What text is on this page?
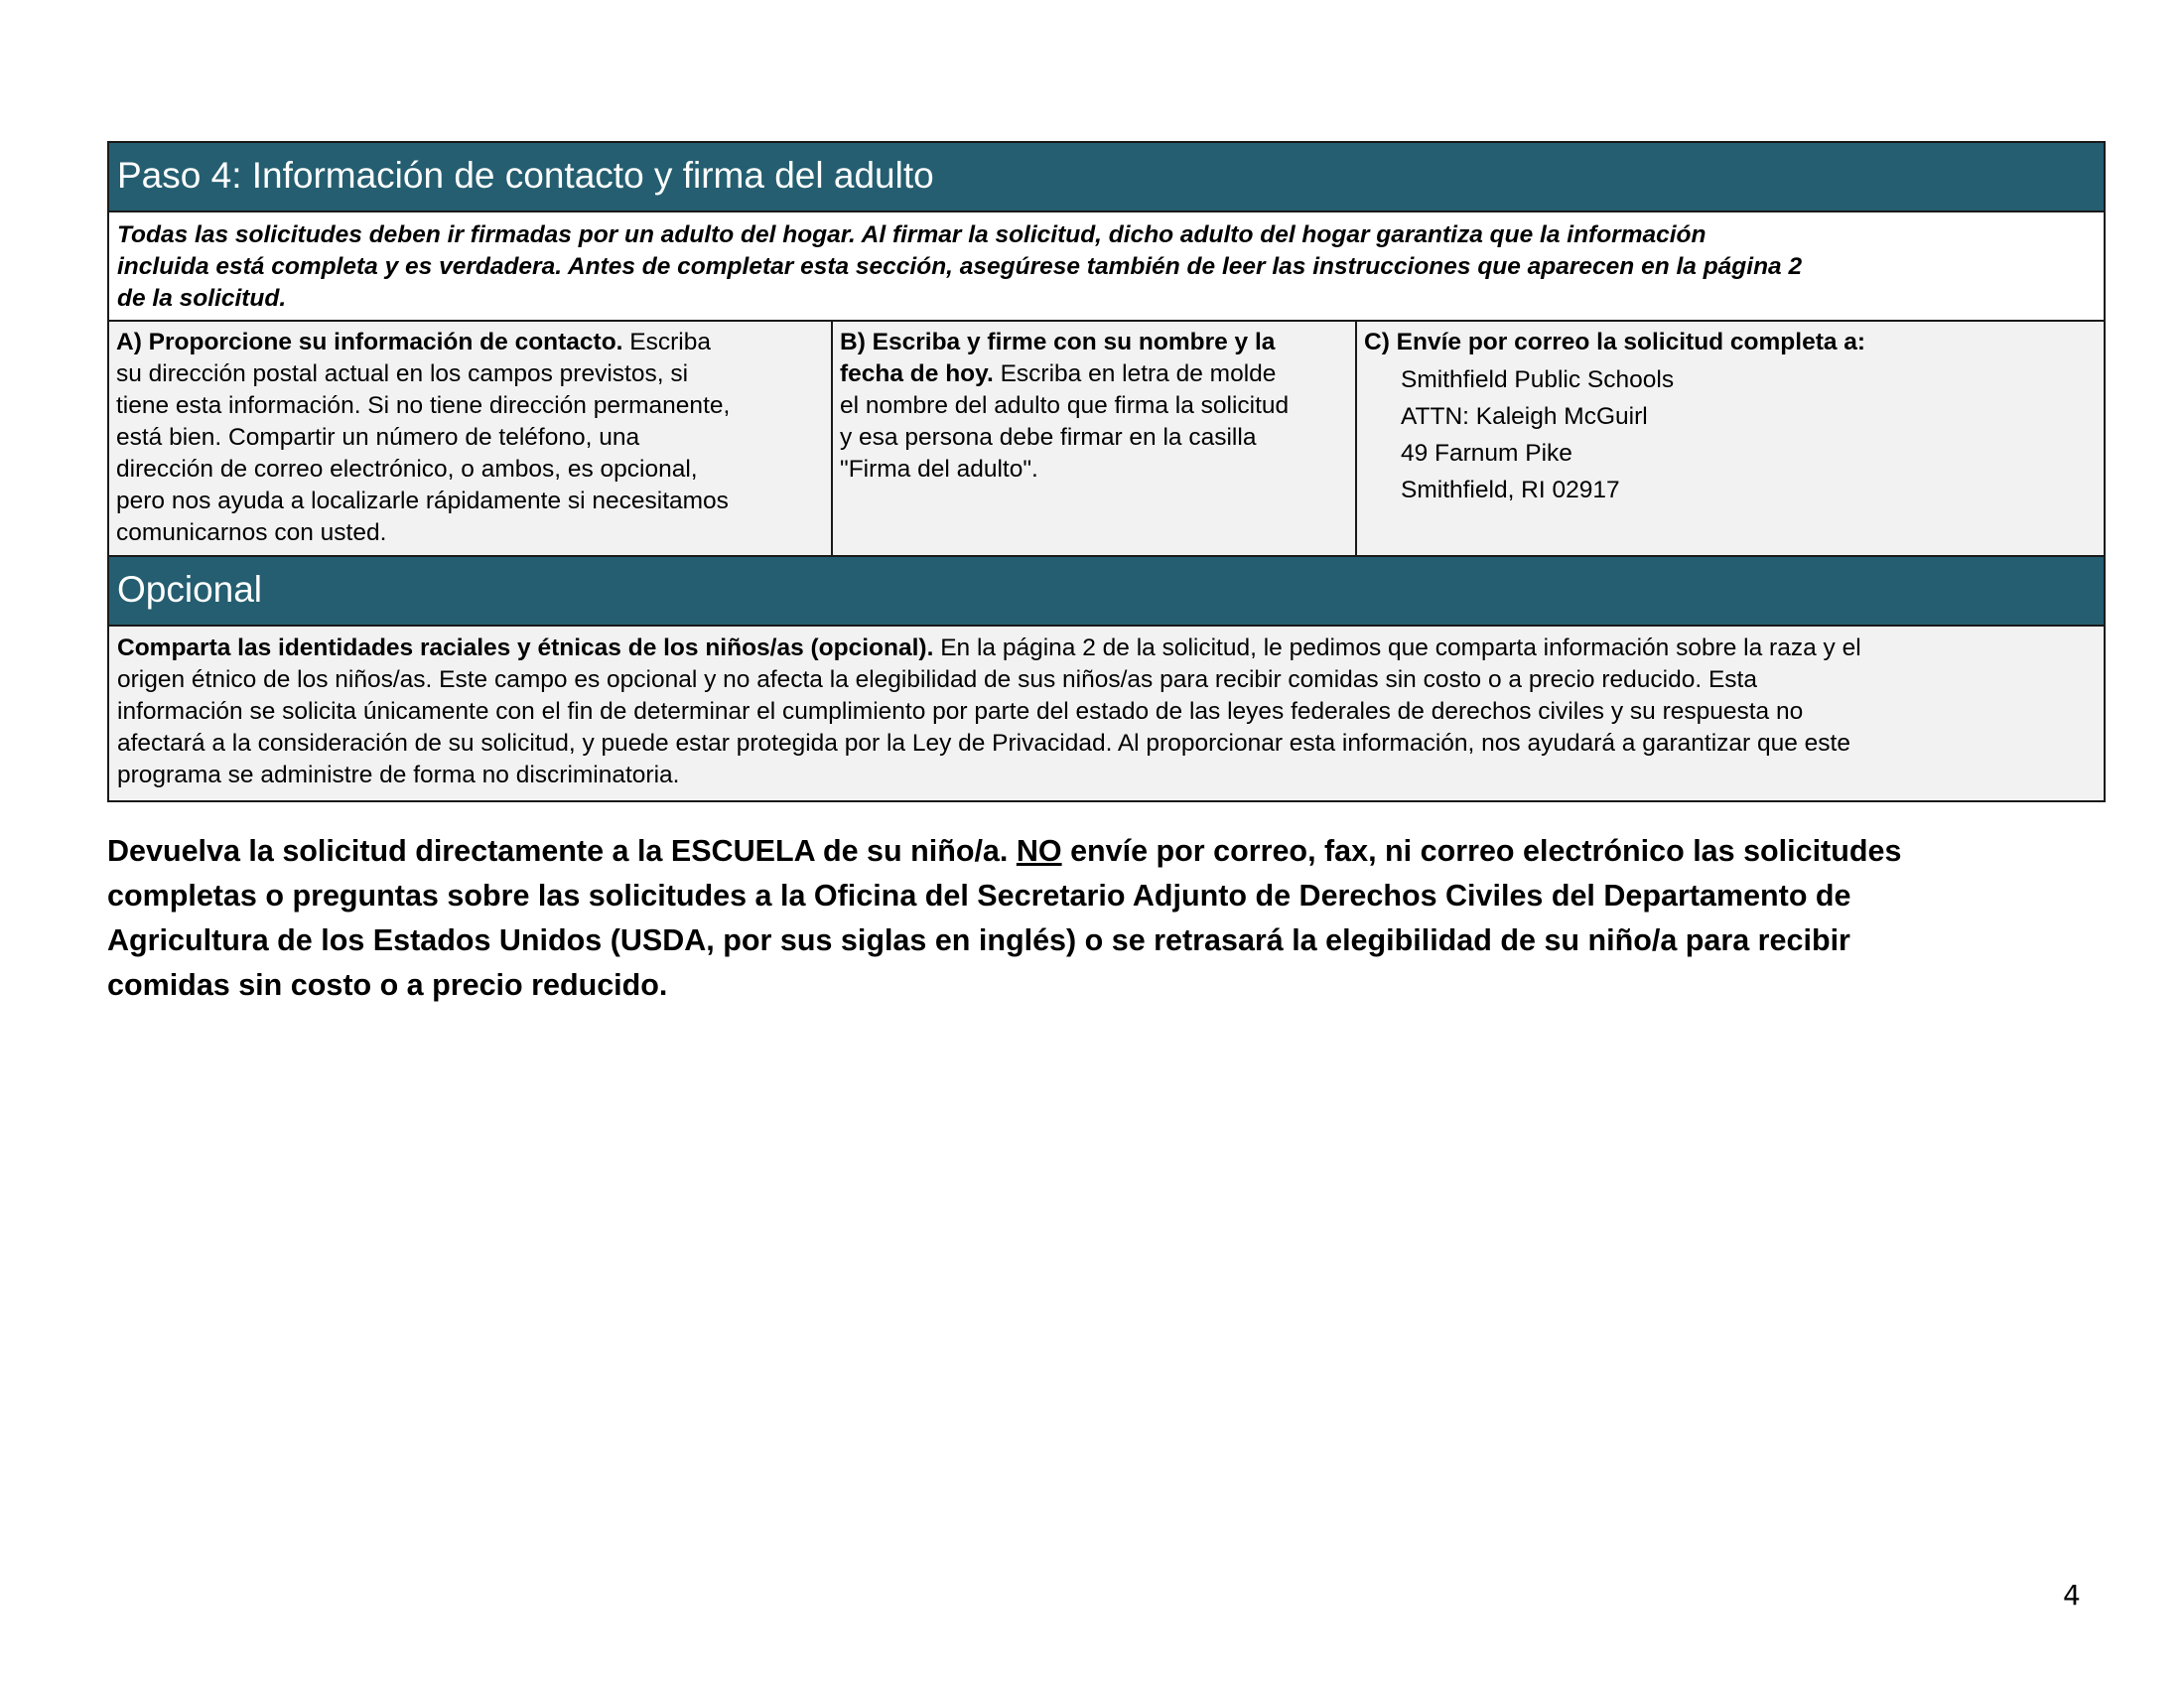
Paso 4: Información de contacto y firma del adulto
Todas las solicitudes deben ir firmadas por un adulto del hogar. Al firmar la solicitud, dicho adulto del hogar garantiza que la información
incluida está completa y es verdadera. Antes de completar esta sección, asegúrese también de leer las instrucciones que aparecen en la página 2
de la solicitud.
A) Proporcione su información de contacto. Escriba
su dirección postal actual en los campos previstos, si
tiene esta información. Si no tiene dirección permanente,
está bien. Compartir un número de teléfono, una
dirección de correo electrónico, o ambos, es opcional,
pero nos ayuda a localizarle rápidamente si necesitamos
comunicarnos con usted.
B) Escriba y firme con su nombre y la
fecha de hoy. Escriba en letra de molde
el nombre del adulto que firma la solicitud
y esa persona debe firmar en la casilla
"Firma del adulto".
C) Envíe por correo la solicitud completa a:
Smithfield Public Schools
ATTN: Kaleigh McGuirl
49 Farnum Pike
Smithfield, RI 02917
Opcional
Comparta las identidades raciales y étnicas de los niños/as (opcional). En la página 2 de la solicitud, le pedimos que comparta información sobre la raza y el
origen étnico de los niños/as. Este campo es opcional y no afecta la elegibilidad de sus niños/as para recibir comidas sin costo o a precio reducido. Esta
información se solicita únicamente con el fin de determinar el cumplimiento por parte del estado de las leyes federales de derechos civiles y su respuesta no
afectará a la consideración de su solicitud, y puede estar protegida por la Ley de Privacidad. Al proporcionar esta información, nos ayudará a garantizar que este
programa se administre de forma no discriminatoria.
Devuelva la solicitud directamente a la ESCUELA de su niño/a. NO envíe por correo, fax, ni correo electrónico las solicitudes
completas o preguntas sobre las solicitudes a la Oficina del Secretario Adjunto de Derechos Civiles del Departamento de
Agricultura de los Estados Unidos (USDA, por sus siglas en inglés) o se retrasará la elegibilidad de su niño/a para recibir
comidas sin costo o a precio reducido.
4
